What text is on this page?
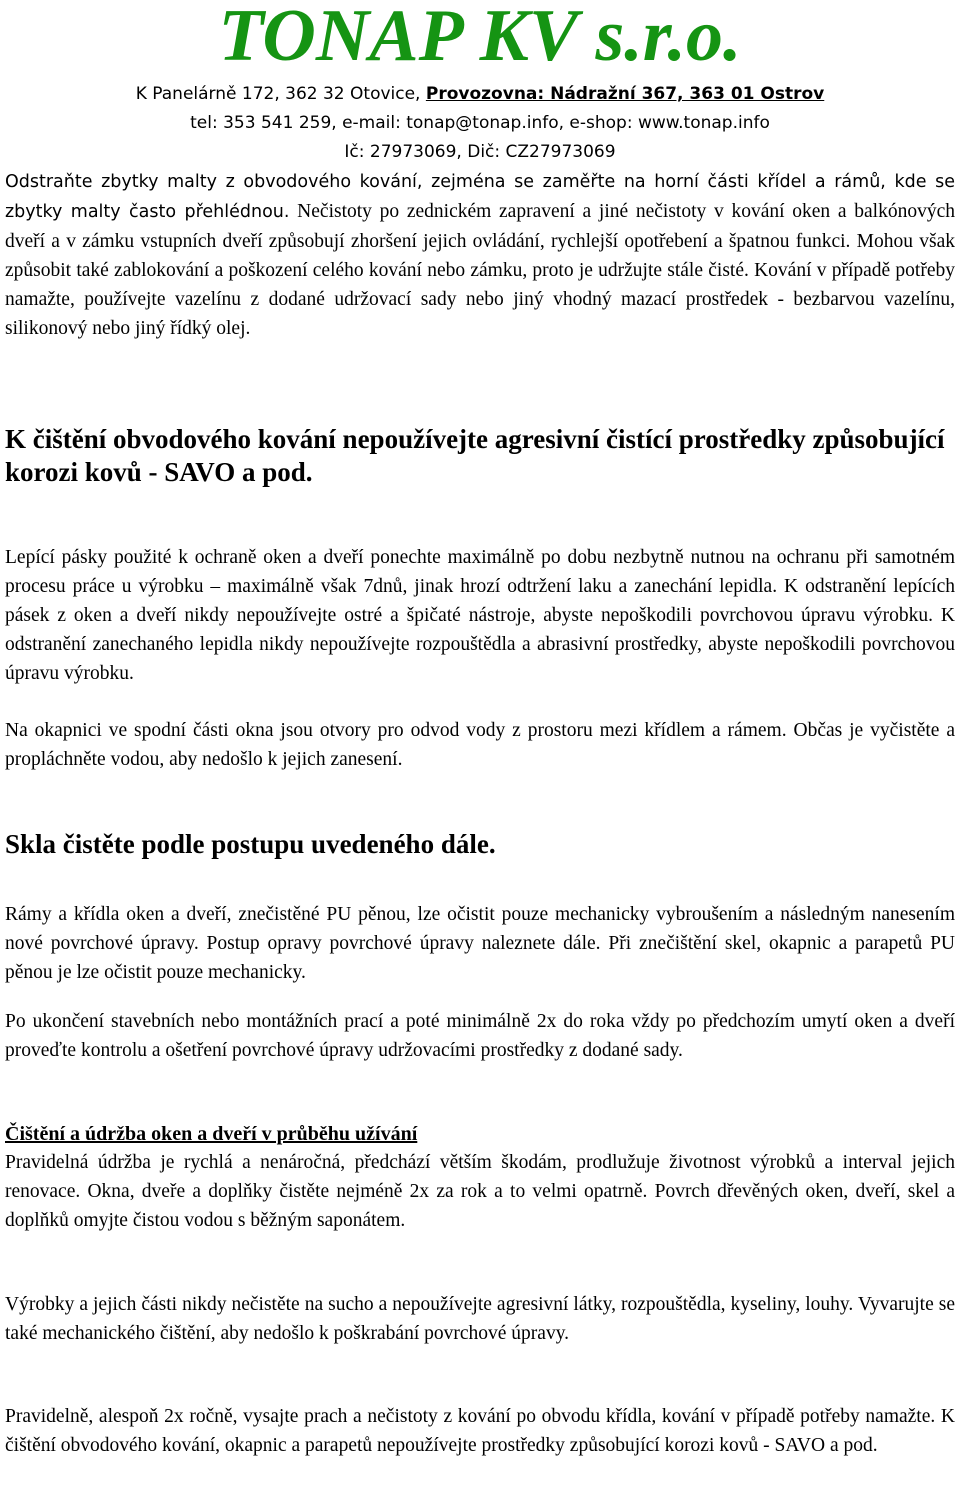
TONAP KV s.r.o.

K Panelárně 172, 362 32 Otovice, Provozovna: Nádražní 367, 363 01 Ostrov

tel: 353 541 259, e-mail: tonap@tonap.info, e-shop: www.tonap.info

Ič: 27973069, Dič: CZ27973069

Odstraňte zbytky malty z obvodového kování, zejména se zaměřte na horní části křídel a rámů, kde se zbytky malty často přehlédnou. Nečistoty po zednickém zapravení a jiné nečistoty v kování oken a balkónových dveří a v zámku vstupních dveří způsobují zhoršení jejich ovládání, rychlejší opotřebení a špatnou funkci. Mohou však způsobit také zablokování a poškození celého kování nebo zámku, proto je udržujte stále čisté. Kování v případě potřeby namažte, používejte vazelínu z dodané udržovací sady nebo jiný vhodný mazací prostředek - bezbarvou vazelínu, silikonový nebo jiný řídký olej.

K čištění obvodového kování nepoužívejte agresivní čistící prostředky způsobující korozi kovů - SAVO a pod.

Lepící pásky použité k ochraně oken a dveří ponechte maximálně po dobu nezbytně nutnou na ochranu při samotném procesu práce u výrobku – maximálně však 7dnů, jinak hrozí odtržení laku a zanechání lepidla. K odstranění lepících pásek z oken a dveří nikdy nepoužívejte ostré a špičaté nástroje, abyste nepoškodili povrchovou úpravu výrobku. K odstranění zanechaného lepidla nikdy nepoužívejte rozpouštědla a abrasivní prostředky, abyste nepoškodili povrchovou úpravu výrobku.

Na okapnici ve spodní části okna jsou otvory pro odvod vody z prostoru mezi křídlem a rámem. Občas je vyčistěte a propláchněte vodou, aby nedošlo k jejich zanesení.

Skla čistěte podle postupu uvedeného dále.

Rámy a křídla oken a dveří, znečistěné PU pěnou, lze očistit pouze mechanicky vybroušením a následným nanesením nové povrchové úpravy. Postup opravy povrchové úpravy naleznete dále. Při znečištění skel, okapnic a parapetů PU pěnou je lze očistit pouze mechanicky.

Po ukončení stavebních nebo montážních prací a poté minimálně 2x do roka vždy po předchozím umytí oken a dveří proveďte kontrolu a ošetření povrchové úpravy udržovacími prostředky z dodané sady.

Čištění a údržba oken a dveří v průběhu užívání

Pravidelná údržba je rychlá a nenáročná, předchází větším škodám, prodlužuje životnost výrobků a interval jejich renovace. Okna, dveře a doplňky čistěte nejméně 2x za rok a to velmi opatrně. Povrch dřevěných oken, dveří, skel a doplňků omyjte čistou vodou s běžným saponátem.

Výrobky a jejich části nikdy nečistěte na sucho a nepoužívejte agresivní látky, rozpouštědla, kyseliny, louhy. Vyvarujte se také mechanického čištění, aby nedošlo k poškrabání povrchové úpravy.

Pravidelně, alespoň 2x ročně, vysajte prach a nečistoty z kování po obvodu křídla, kování v případě potřeby namažte. K čištění obvodového kování, okapnic a parapetů nepoužívejte prostředky způsobující korozi kovů - SAVO a pod.
